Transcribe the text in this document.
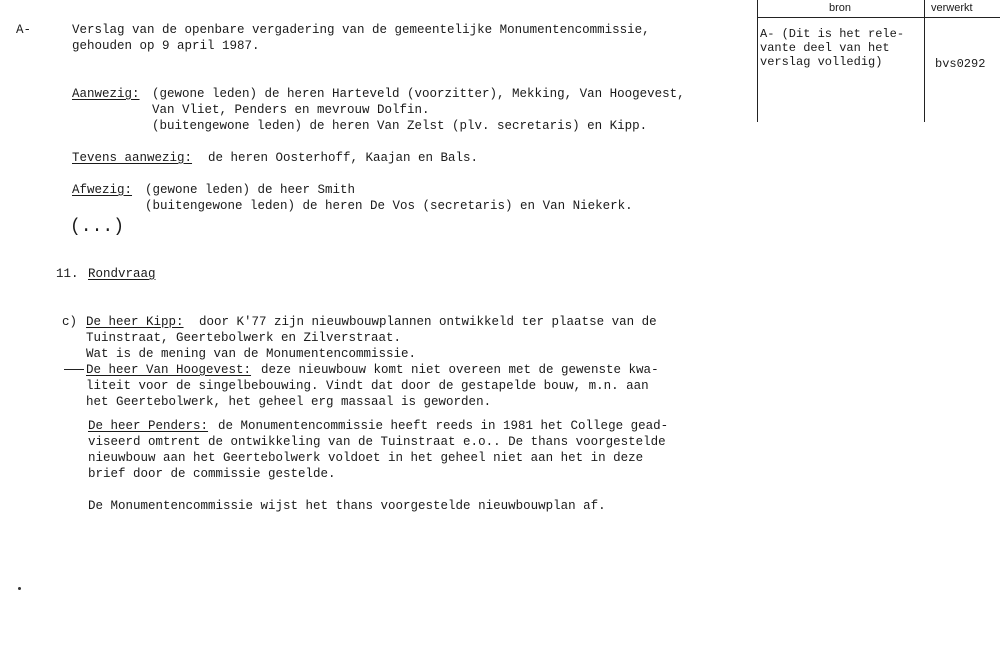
bron	verwerkt
A- (Dit is het rele-
vante deel van het
verslag volledig)	bvs0292
A-	Verslag van de openbare vergadering van de gemeentelijke Monumentencommissie,
gehouden op 9 april 1987.
Aanwezig: (gewone leden) de heren Harteveld (voorzitter), Mekking, Van Hoogevest,
Van Vliet, Penders en mevrouw Dolfin.
(buitengewone leden) de heren Van Zelst (plv. secretaris) en Kipp.
Tevens aanwezig: de heren Oosterhoff, Kaajan en Bals.
Afwezig: (gewone leden) de heer Smith
(buitengewone leden) de heren De Vos (secretaris) en Van Niekerk.
(...)
11. Rondvraag
c) De heer Kipp: door K'77 zijn nieuwbouwplannen ontwikkeld ter plaatse van de
Tuinstraat, Geertebolwerk en Zilverstraat.
Wat is de mening van de Monumentencommissie.
De heer Van Hoogevest: deze nieuwbouw komt niet overeen met de gewenste kwa-
liteit voor de singelbebouwing. Vindt dat door de gestapelde bouw, m.n. aan
het Geertebolwerk, het geheel erg massaal is geworden.
De heer Penders: de Monumentencommissie heeft reeds in 1981 het College gead-
viseerd omtrent de ontwikkeling van de Tuinstraat e.o.. De thans voorgestelde
nieuwbouw aan het Geertebolwerk voldoet in het geheel niet aan het in deze
brief door de commissie gestelde.
De Monumentencommissie wijst het thans voorgestelde nieuwbouwplan af.
